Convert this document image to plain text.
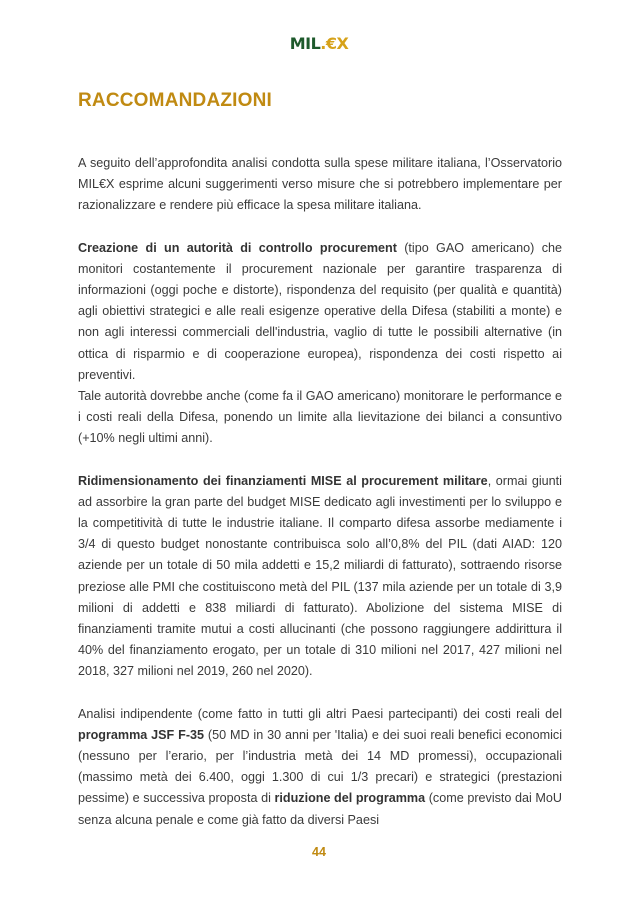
MIL.€X
RACCOMANDAZIONI

A seguito dell’approfondita analisi condotta sulla spese militare italiana, l’Osservatorio MIL€X esprime alcuni suggerimenti verso misure che si potrebbero implementare per razionalizzare e rendere più efficace la spesa militare italiana.

Creazione di un autorità di controllo procurement (tipo GAO americano) che monitori costantemente il procurement nazionale per garantire trasparenza di informazioni (oggi poche e distorte), rispondenza del requisito (per qualità e quantità) agli obiettivi strategici e alle reali esigenze operative della Difesa (stabiliti a monte) e non agli interessi commerciali dell'industria, vaglio di tutte le possibili alternative (in ottica di risparmio e di cooperazione europea), rispondenza dei costi rispetto ai preventivi.

Tale autorità dovrebbe anche (come fa il GAO americano) monitorare le performance e i costi reali della Difesa, ponendo un limite alla lievitazione dei bilanci a consuntivo (+10% negli ultimi anni).

Ridimensionamento dei finanziamenti MISE al procurement militare, ormai giunti ad assorbire la gran parte del budget MISE dedicato agli investimenti per lo sviluppo e la competitività di tutte le industrie italiane. Il comparto difesa assorbe mediamente i 3/4 di questo budget nonostante contribuisca solo all’0,8% del PIL (dati AIAD: 120 aziende per un totale di 50 mila addetti e 15,2 miliardi di fatturato), sottraendo risorse preziose alle PMI che costituiscono metà del PIL (137 mila aziende per un totale di 3,9 milioni di addetti e 838 miliardi di fatturato). Abolizione del sistema MISE di finanziamenti tramite mutui a costi allucinanti (che possono raggiungere addirittura il 40% del finanziamento erogato, per un totale di 310 milioni nel 2017, 427 milioni nel 2018, 327 milioni nel 2019, 260 nel 2020).

Analisi indipendente (come fatto in tutti gli altri Paesi partecipanti) dei costi reali del programma JSF F-35 (50 MD in 30 anni per 'Italia) e dei suoi reali benefici economici (nessuno per l’erario, per l’industria metà dei 14 MD promessi), occupazionali (massimo metà dei 6.400, oggi 1.300 di cui 1/3 precari) e strategici (prestazioni pessime) e successiva proposta di riduzione del programma (come previsto dai MoU senza alcuna penale e come già fatto da diversi Paesi

44
